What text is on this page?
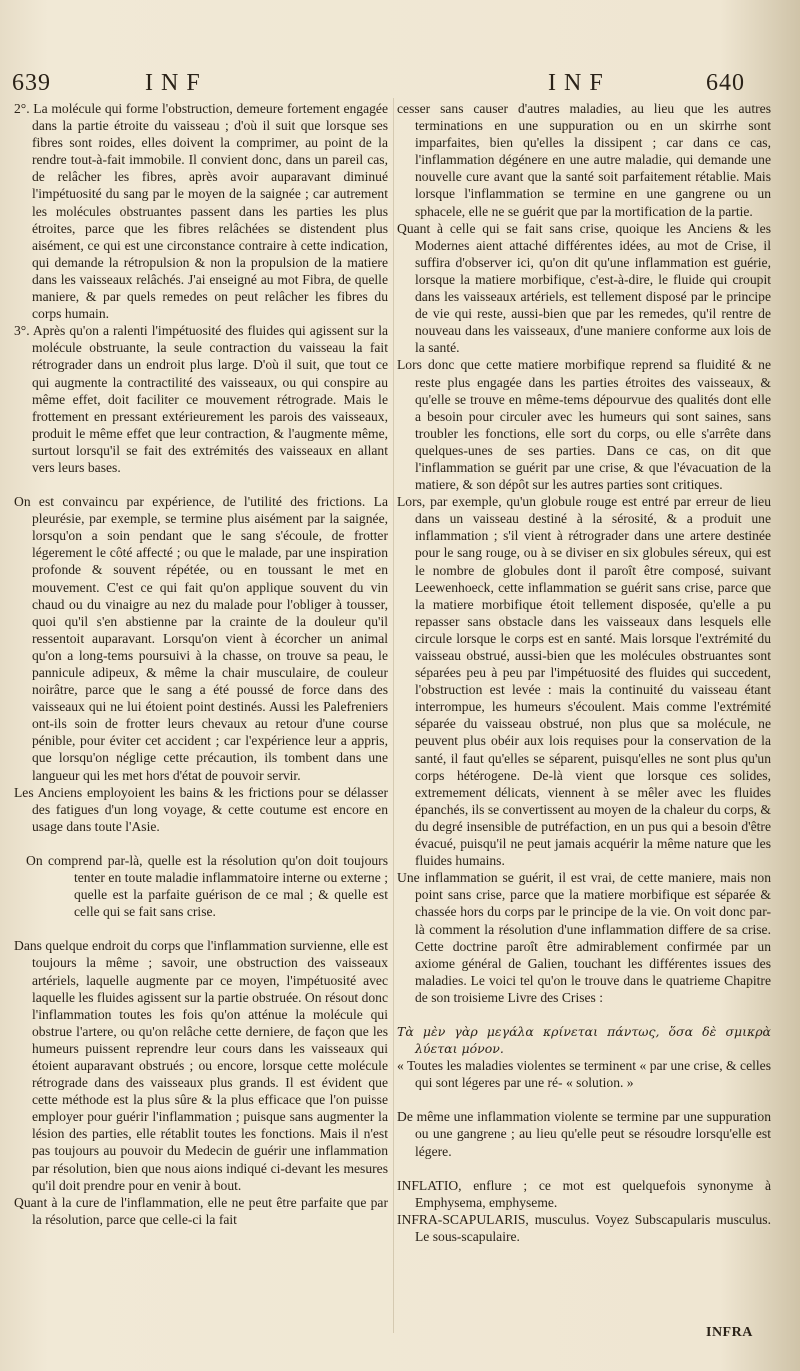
639	I N F	I N F	640

2°. La molécule qui forme l'obstruction, demeure fortement engagée dans la partie étroite du vaisseau ; d'où il suit que lorsque ses fibres sont roides, elles doivent la comprimer, au point de la rendre tout-à-fait immobile. Il convient donc, dans un pareil cas, de relâcher les fibres, après avoir auparavant diminué l'impétuosité du sang par le moyen de la saignée ; car autrement les molécules obstruantes passent dans les parties les plus étroites, parce que les fibres relâchées se distendent plus aisément, ce qui est une circonstance contraire à cette indication, qui demande la rétropulsion & non la propulsion de la matiere dans les vaisseaux relâchés. J'ai enseigné au mot Fibra, de quelle maniere, & par quels remedes on peut relâcher les fibres du corps humain.

3°. Après qu'on a ralenti l'impétuosité des fluides qui agissent sur la molécule obstruante, la seule contraction du vaisseau la fait rétrograder dans un endroit plus large. D'où il suit, que tout ce qui augmente la contractilité des vaisseaux, ou qui conspire au même effet, doit faciliter ce mouvement rétrograde. Mais le frottement en pressant extérieurement les parois des vaisseaux, produit le même effet que leur contraction, & l'augmente même, surtout lorsqu'il se fait des extrémités des vaisseaux en allant vers leurs bases.

On est convaincu par expérience, de l'utilité des frictions. La pleurésie, par exemple, se termine plus aisément par la saignée, lorsqu'on a soin pendant que le sang s'écoule, de frotter légerement le côté affecté ; ou que le malade, par une inspiration profonde & souvent répétée, ou en toussant le met en mouvement. C'est ce qui fait qu'on applique souvent du vin chaud ou du vinaigre au nez du malade pour l'obliger à tousser, quoi qu'il s'en abstienne par la crainte de la douleur qu'il ressentoit auparavant. Lorsqu'on vient à écorcher un animal qu'on a long-tems poursuivi à la chasse, on trouve sa peau, le pannicule adipeux, & même la chair musculaire, de couleur noirâtre, parce que le sang a été poussé de force dans des vaisseaux qui ne lui étoient point destinés. Aussi les Palefreniers ont-ils soin de frotter leurs chevaux au retour d'une course pénible, pour éviter cet accident ; car l'expérience leur a appris, que lorsqu'on néglige cette précaution, ils tombent dans une langueur qui les met hors d'état de pouvoir servir.

Les Anciens employoient les bains & les frictions pour se délasser des fatigues d'un long voyage, & cette coutume est encore en usage dans toute l'Asie.

On comprend par-là, quelle est la résolution qu'on doit toujours tenter en toute maladie inflammatoire interne ou externe ; quelle est la parfaite guérison de ce mal ; & quelle est celle qui se fait sans crise.

Dans quelque endroit du corps que l'inflammation survienne, elle est toujours la même ; savoir, une obstruction des vaisseaux artériels, laquelle augmente par ce moyen, l'impétuosité avec laquelle les fluides agissent sur la partie obstruée. On résout donc l'inflammation toutes les fois qu'on atténue la molécule qui obstrue l'artere, ou qu'on relâche cette derniere, de façon que les humeurs puissent reprendre leur cours dans les vaisseaux qui étoient auparavant obstrués ; ou encore, lorsque cette molécule rétrograde dans des vaisseaux plus grands. Il est évident que cette méthode est la plus sûre & la plus efficace que l'on puisse employer pour guérir l'inflammation ; puisque sans augmenter la lésion des parties, elle rétablit toutes les fonctions. Mais il n'est pas toujours au pouvoir du Medecin de guérir une inflammation par résolution, bien que nous aions indiqué ci-devant les mesures qu'il doit prendre pour en venir à bout.

Quant à la cure de l'inflammation, elle ne peut être parfaite que par la résolution, parce que celle-ci la fait

cesser sans causer d'autres maladies, au lieu que les autres terminations en une suppuration ou en un skirrhe sont imparfaites, bien qu'elles la dissipent ; car dans ce cas, l'inflammation dégénere en une autre maladie, qui demande une nouvelle cure avant que la santé soit parfaitement rétablie. Mais lorsque l'inflammation se termine en une gangrene ou un sphacele, elle ne se guérit que par la mortification de la partie.

Quant à celle qui se fait sans crise, quoique les Anciens & les Modernes aient attaché différentes idées, au mot de Crise, il suffira d'observer ici, qu'on dit qu'une inflammation est guérie, lorsque la matiere morbifique, c'est-à-dire, le fluide qui croupit dans les vaisseaux artériels, est tellement disposé par le principe de vie qui reste, aussi-bien que par les remedes, qu'il rentre de nouveau dans les vaisseaux, d'une maniere conforme aux lois de la santé.

Lors donc que cette matiere morbifique reprend sa fluidité & ne reste plus engagée dans les parties étroites des vaisseaux, & qu'elle se trouve en même-tems dépourvue des qualités dont elle a besoin pour circuler avec les humeurs qui sont saines, sans troubler les fonctions, elle sort du corps, ou elle s'arrête dans quelques-unes de ses parties. Dans ce cas, on dit que l'inflammation se guérit par une crise, & que l'évacuation de la matiere, & son dépôt sur les autres parties sont critiques.

Lors, par exemple, qu'un globule rouge est entré par erreur de lieu dans un vaisseau destiné à la sérosité, & a produit une inflammation ; s'il vient à rétrograder dans une artere destinée pour le sang rouge, ou à se diviser en six globules séreux, qui est le nombre de globules dont il paroît être composé, suivant Leewenhoeck, cette inflammation se guérit sans crise, parce que la matiere morbifique étoit tellement disposée, qu'elle a pu repasser sans obstacle dans les vaisseaux dans lesquels elle circule lorsque le corps est en santé. Mais lorsque l'extrémité du vaisseau obstrué, aussi-bien que les molécules obstruantes sont séparées peu à peu par l'impétuosité des fluides qui succedent, l'obstruction est levée : mais la continuité du vaisseau étant interrompue, les humeurs s'écoulent. Mais comme l'extrémité séparée du vaisseau obstrué, non plus que sa molécule, ne peuvent plus obéir aux lois requises pour la conservation de la santé, il faut qu'elles se séparent, puisqu'elles ne sont plus qu'un corps hétérogene. De-là vient que lorsque ces solides, extremement délicats, viennent à se mêler avec les fluides épanchés, ils se convertissent au moyen de la chaleur du corps, & du degré insensible de putréfaction, en un pus qui a besoin d'être évacué, puisqu'il ne peut jamais acquérir la même nature que les fluides humains.

Une inflammation se guérit, il est vrai, de cette maniere, mais non point sans crise, parce que la matiere morbifique est séparée & chassée hors du corps par le principe de la vie. On voit donc par-là comment la résolution d'une inflammation differe de sa crise. Cette doctrine paroît être admirablement confirmée par un axiome général de Galien, touchant les différentes issues des maladies. Le voici tel qu'on le trouve dans le quatrieme Chapitre de son troisieme Livre des Crises :

Τὰ μὲν γὰρ μεγάλα κρίνεται πάντως, ὅσα δὲ σμικρὰ λύεται μόνον.

« Toutes les maladies violentes se terminent « par une crise, & celles qui sont légeres par une ré- « solution. »

De même une inflammation violente se termine par une suppuration ou une gangrene ; au lieu qu'elle peut se résoudre lorsqu'elle est légere.

INFLATIO, enflure ; ce mot est quelquefois synonyme à Emphysema, emphyseme.

INFRA-SCAPULARIS, musculus. Voyez Subscapularis musculus. Le sous-scapulaire.

INFRA
